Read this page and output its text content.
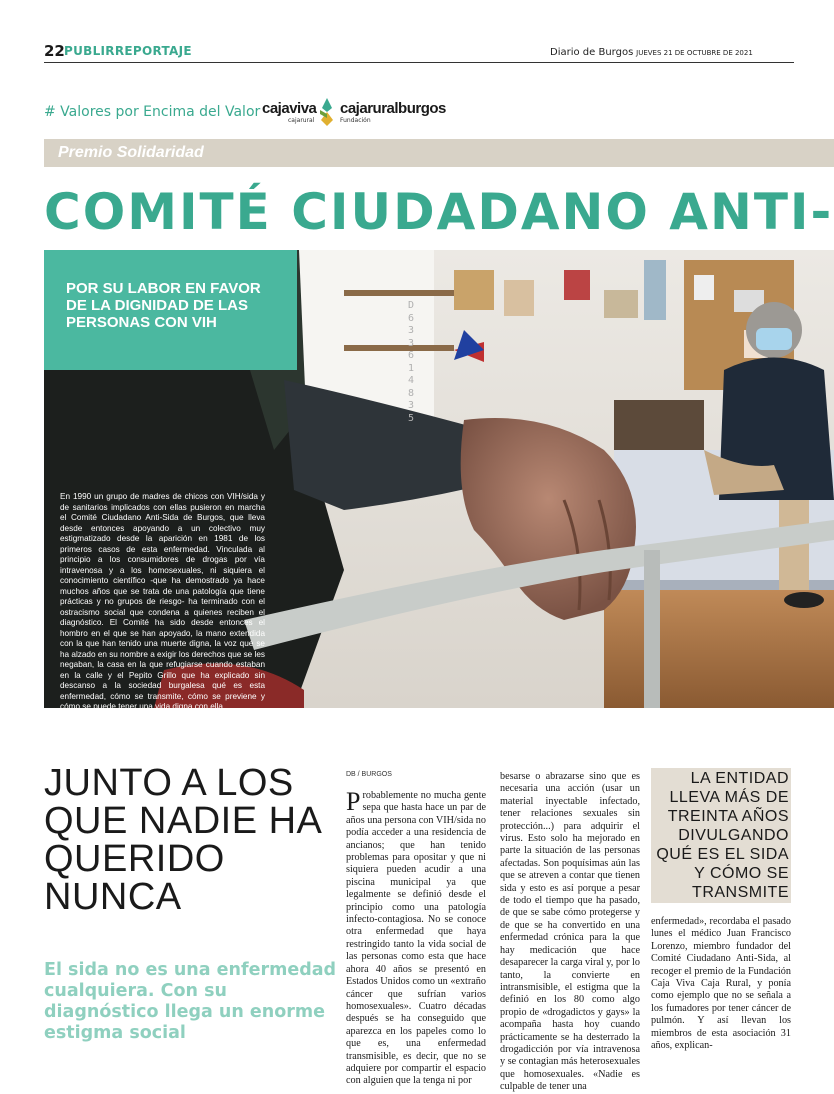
22 PUBLIRREPORTAJE	Diario de Burgos JUEVES 21 DE OCTUBRE DE 2021
# Valores por Encima del Valor cajaviva
cajarural
cajaruralburgos
Fundación
Premio Solidaridad
COMITÉ CIUDADANO ANTI-
POR SU LABOR EN FAVOR DE LA DIGNIDAD DE LAS PERSONAS CON VIH
D633614835
En 1990 un grupo de madres de chicos con VIH/sida y de sanitarios implicados con ellas pusieron en marcha el Comité Ciudadano Anti-Sida de Burgos, que lleva desde entonces apoyando a un colectivo muy estigmatizado desde la aparición en 1981 de los primeros casos de esta enfermedad. Vinculada al principio a los consumidores de drogas por vía intravenosa y a los homosexuales, ni siquiera el conocimiento científico -que ha demostrado ya hace muchos años que se trata de una patología que tiene prácticas y no grupos de riesgo- ha terminado con el ostracismo social que condena a quienes reciben el diagnóstico. El Comité ha sido desde entonces el hombro en el que se han apoyado, la mano extendida con la que han tenido una muerte digna, la voz que se ha alzado en su nombre a exigir los derechos que se les negaban, la casa en la que refugiarse cuando estaban en la calle y el Pepito Grillo que ha explicado sin descanso a la sociedad burgalesa qué es esta enfermedad, cómo se transmite, cómo se previene y cómo se puede tener una vida digna con ella.
JUNTO A LOS QUE NADIE HA QUERIDO NUNCA
El sida no es una enfermedad cualquiera. Con su diagnóstico llega un enorme estigma social
DB / BURGOS
Probablemente no mucha gente sepa que hasta hace un par de años una persona con VIH/sida no podía acceder a una residencia de ancianos; que han tenido problemas para opositar y que ni siquiera pueden acudir a una piscina municipal ya que legalmente se definió desde el principio como una patología infecto-contagiosa. No se conoce otra enfermedad que haya restringido tanto la vida social de las personas como esta que hace ahora 40 años se presentó en Estados Unidos como un «extraño cáncer que sufrían varios homosexuales». Cuatro décadas después se ha conseguido que aparezca en los papeles como lo que es, una enfermedad transmisible, es decir, que no se adquiere por compartir el espacio con alguien que la tenga ni por
besarse o abrazarse sino que es necesaria una acción (usar un material inyectable infectado, tener relaciones sexuales sin protección...) para adquirir el virus. Esto solo ha mejorado en parte la situación de las personas afectadas. Son poquísimas aún las que se atreven a contar que tienen sida y esto es así porque a pesar de todo el tiempo que ha pasado, de que se sabe cómo protegerse y de que se ha convertido en una enfermedad crónica para la que hay medicación que hace desaparecer la carga viral y, por lo tanto, la convierte en intransmisible, el estigma que la definió en los 80 como algo propio de «drogadictos y gays» la acompaña hasta hoy cuando prácticamente se ha desterrado la drogadicción por vía intravenosa y se contagian más heterosexuales que homosexuales. «Nadie es culpable de tener una
LA ENTIDAD LLEVA MÁS DE TREINTA AÑOS DIVULGANDO QUÉ ES EL SIDA Y CÓMO SE TRANSMITE
enfermedad», recordaba el pasado lunes el médico Juan Francisco Lorenzo, miembro fundador del Comité Ciudadano Anti-Sida, al recoger el premio de la Fundación Caja Viva Caja Rural, y ponía como ejemplo que no se señala a los fumadores por tener cáncer de pulmón. Y así llevan los miembros de esta asociación 31 años, explican-
